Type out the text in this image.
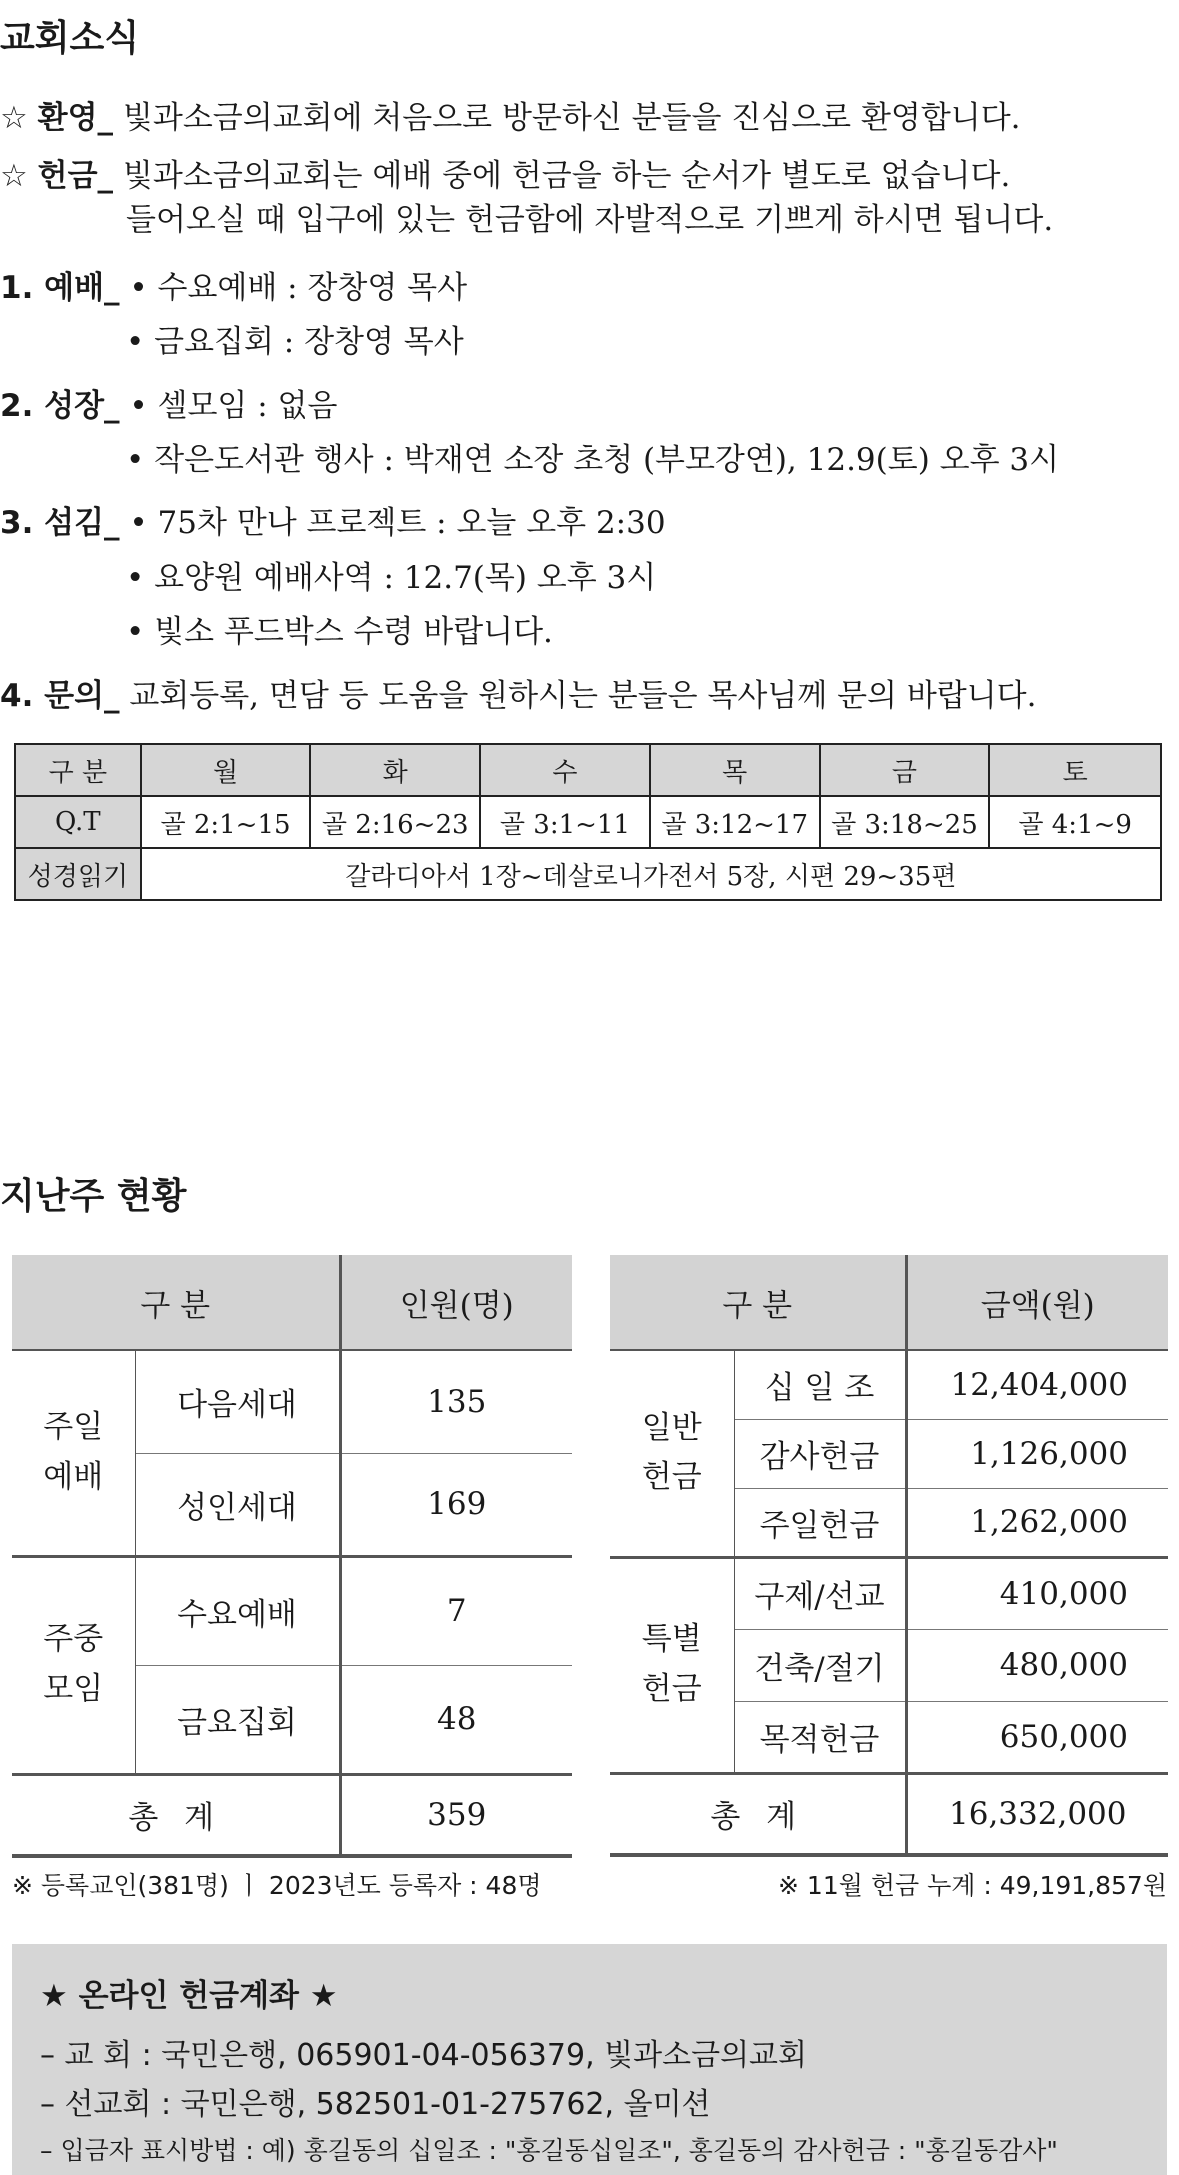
교회소식
☆ 환영_ 빛과소금의교회에 처음으로 방문하신 분들을 진심으로 환영합니다.
☆ 헌금_ 빛과소금의교회는 예배 중에 헌금을 하는 순서가 별도로 없습니다.
들어오실 때 입구에 있는 헌금함에 자발적으로 기쁘게 하시면 됩니다.
1. 예배_ • 수요예배 : 장창영 목사
• 금요집회 : 장창영 목사
2. 성장_ • 셀모임 : 없음
• 작은도서관 행사 : 박재연 소장 초청 (부모강연), 12.9(토) 오후 3시
3. 섬김_ • 75차 만나 프로젝트 : 오늘 오후 2:30
• 요양원 예배사역 : 12.7(목) 오후 3시
• 빛소 푸드박스 수령 바랍니다.
4. 문의_ 교회등록, 면담 등 도움을 원하시는 분들은 목사님께 문의 바랍니다.
구 분	월	화	수	목	금	토
Q.T	골 2:1~15	골 2:16~23	골 3:1~11	골 3:12~17	골 3:18~25	골 4:1~9
성경읽기	갈라디아서 1장~데살로니가전서 5장, 시편 29~35편					
지난주 현황
구 분		인원(명)
주일
예배	다음세대	135
	성인세대	169
주중
모임	수요예배	7
	금요집회	48
총 계		359
구 분		금액(원)
일반
헌금	십 일 조	12,404,000
	감사헌금	1,126,000
	주일헌금	1,262,000
특별
헌금	구제/선교	410,000
	건축/절기	480,000
	목적헌금	650,000
총 계		16,332,000
※ 등록교인(381명) ㅣ 2023년도 등록자 : 48명	※ 11월 헌금 누계 : 49,191,857원
★ 온라인 헌금계좌 ★
– 교 회 : 국민은행, 065901-04-056379, 빛과소금의교회
– 선교회 : 국민은행, 582501-01-275762, 올미션
– 입금자 표시방법 : 예) 홍길동의 십일조 : "홍길동십일조", 홍길동의 감사헌금 : "홍길동감사"
